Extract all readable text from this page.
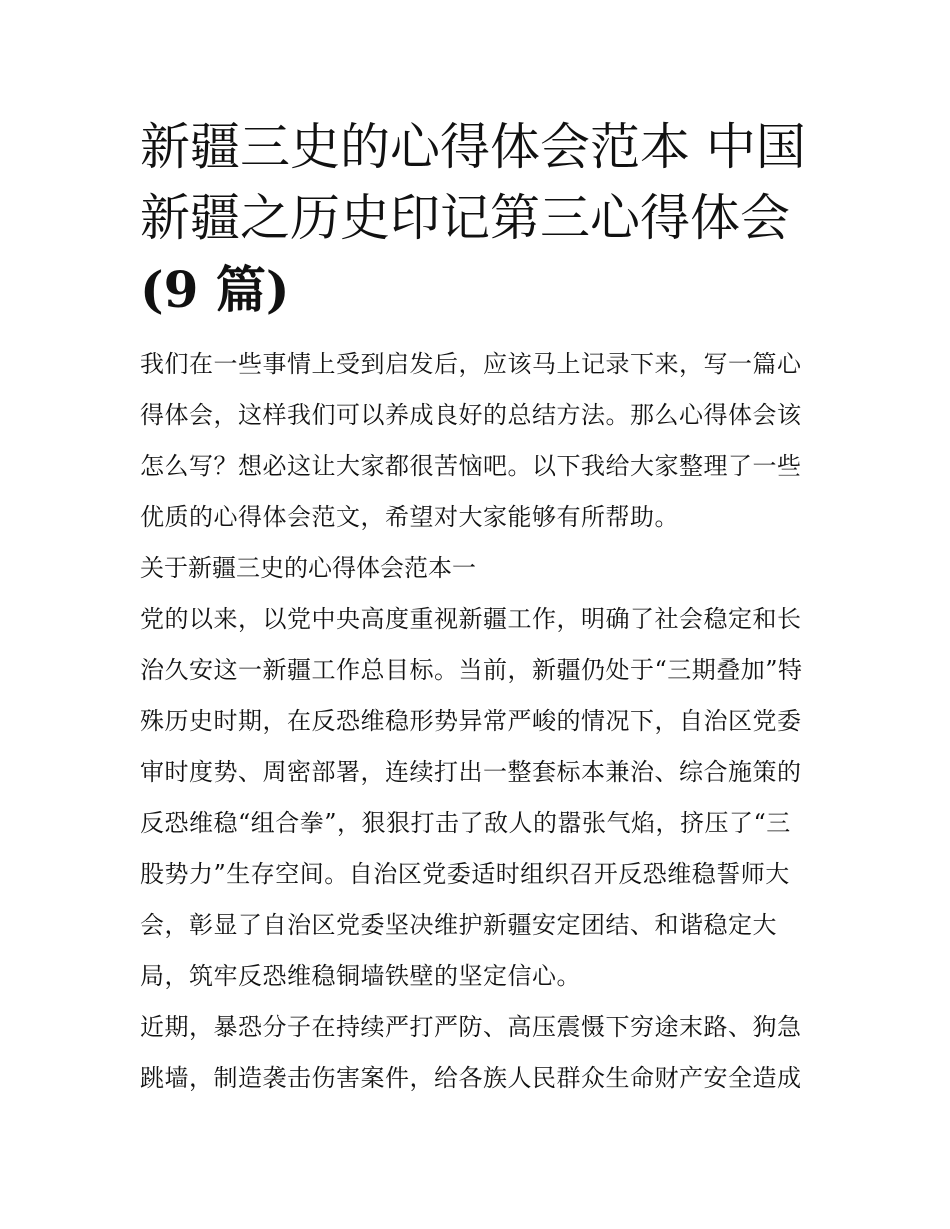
新疆三史的心得体会范本 中国
新疆之历史印记第三心得体会
(9 篇)

我们在一些事情上受到启发后，应该马上记录下来，写一篇心
得体会，这样我们可以养成良好的总结方法。那么心得体会该
怎么写？想必这让大家都很苦恼吧。以下我给大家整理了一些
优质的心得体会范文，希望对大家能够有所帮助。

关于新疆三史的心得体会范本一

党的以来，以党中央高度重视新疆工作，明确了社会稳定和长
治久安这一新疆工作总目标。当前，新疆仍处于“三期叠加”特
殊历史时期，在反恐维稳形势异常严峻的情况下，自治区党委
审时度势、周密部署，连续打出一整套标本兼治、综合施策的
反恐维稳“组合拳”，狠狠打击了敌人的嚣张气焰，挤压了“三
股势力”生存空间。自治区党委适时组织召开反恐维稳誓师大
会，彰显了自治区党委坚决维护新疆安定团结、和谐稳定大
局，筑牢反恐维稳铜墙铁壁的坚定信心。

近期，暴恐分子在持续严打严防、高压震慑下穷途末路、狗急
跳墙，制造袭击伤害案件，给各族人民群众生命财产安全造成
